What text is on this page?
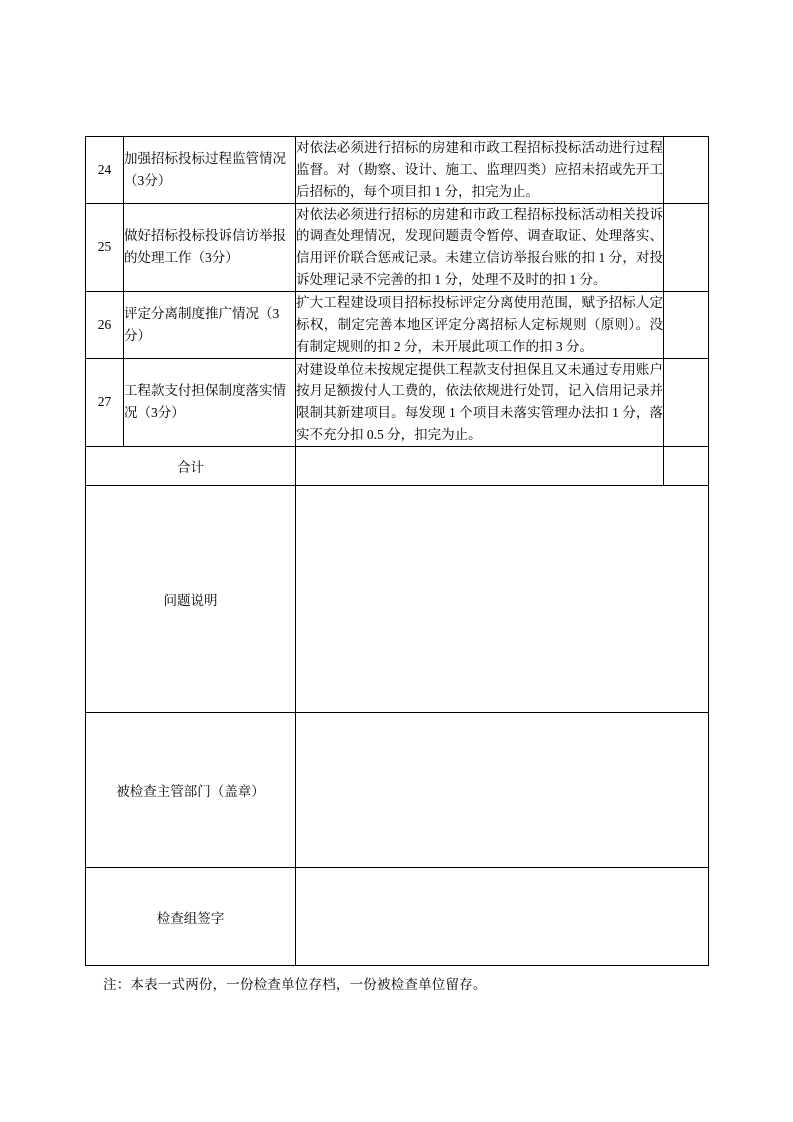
24	加强招标投标过程监管情况（3分）	对依法必须进行招标的房建和市政工程招标投标活动进行过程监督。对（勘察、设计、施工、监理四类）应招未招或先开工后招标的，每个项目扣 1 分，扣完为止。	
25	做好招标投标投诉信访举报的处理工作（3分）	对依法必须进行招标的房建和市政工程招标投标活动相关投诉的调查处理情况，发现问题责令暂停、调查取证、处理落实、信用评价联合惩戒记录。未建立信访举报台账的扣 1 分，对投诉处理记录不完善的扣 1 分，处理不及时的扣 1 分。	
26	评定分离制度推广情况（3分）	扩大工程建设项目招标投标评定分离使用范围，赋予招标人定标权，制定完善本地区评定分离招标人定标规则（原则）。没有制定规则的扣 2 分，未开展此项工作的扣 3 分。	
27	工程款支付担保制度落实情况（3分）	对建设单位未按规定提供工程款支付担保且又未通过专用账户按月足额拨付人工费的，依法依规进行处罚，记入信用记录并限制其新建项目。每发现 1 个项目未落实管理办法扣 1 分，落实不充分扣 0.5 分，扣完为止。	
合计			
问题说明			
被检查主管部门（盖章）			
检查组签字			
注：本表一式两份，一份检查单位存档，一份被检查单位留存。
